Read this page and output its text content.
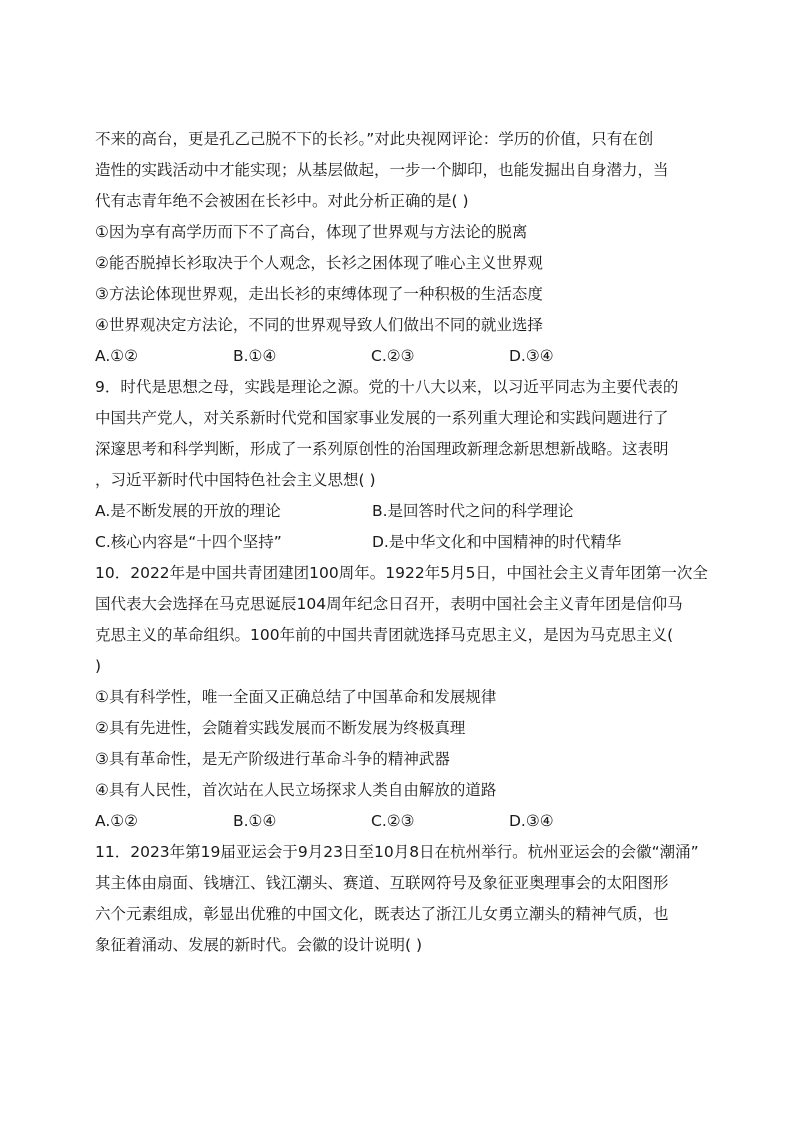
不来的高台，更是孔乙己脱不下的长衫。”对此央视网评论：学历的价值，只有在创
造性的实践活动中才能实现；从基层做起，一步一个脚印，也能发掘出自身潜力，当
代有志青年绝不会被困在长衫中。对此分析正确的是( )
①因为享有高学历而下不了高台，体现了世界观与方法论的脱离
②能否脱掉长衫取决于个人观念，长衫之困体现了唯心主义世界观
③方法论体现世界观，走出长衫的束缚体现了一种积极的生活态度
④世界观决定方法论，不同的世界观导致人们做出不同的就业选择
A.①②	B.①④	C.②③	D.③④
9．时代是思想之母，实践是理论之源。党的十八大以来，以习近平同志为主要代表的
中国共产党人，对关系新时代党和国家事业发展的一系列重大理论和实践问题进行了
深邃思考和科学判断，形成了一系列原创性的治国理政新理念新思想新战略。这表明
，习近平新时代中国特色社会主义思想( )
A.是不断发展的开放的理论	B.是回答时代之问的科学理论
C.核心内容是“十四个坚持”	D.是中华文化和中国精神的时代精华
10．2022年是中国共青团建团100周年。1922年5月5日，中国社会主义青年团第一次全
国代表大会选择在马克思诞辰104周年纪念日召开，表明中国社会主义青年团是信仰马
克思主义的革命组织。100年前的中国共青团就选择马克思主义，是因为马克思主义(
)
①具有科学性，唯一全面又正确总结了中国革命和发展规律
②具有先进性，会随着实践发展而不断发展为终极真理
③具有革命性，是无产阶级进行革命斗争的精神武器
④具有人民性，首次站在人民立场探求人类自由解放的道路
A.①②	B.①④	C.②③	D.③④
11．2023年第19届亚运会于9月23日至10月8日在杭州举行。杭州亚运会的会徽“潮涌”
其主体由扇面、钱塘江、钱江潮头、赛道、互联网符号及象征亚奥理事会的太阳图形
六个元素组成，彰显出优雅的中国文化，既表达了浙江儿女勇立潮头的精神气质，也
象征着涌动、发展的新时代。会徽的设计说明( )
